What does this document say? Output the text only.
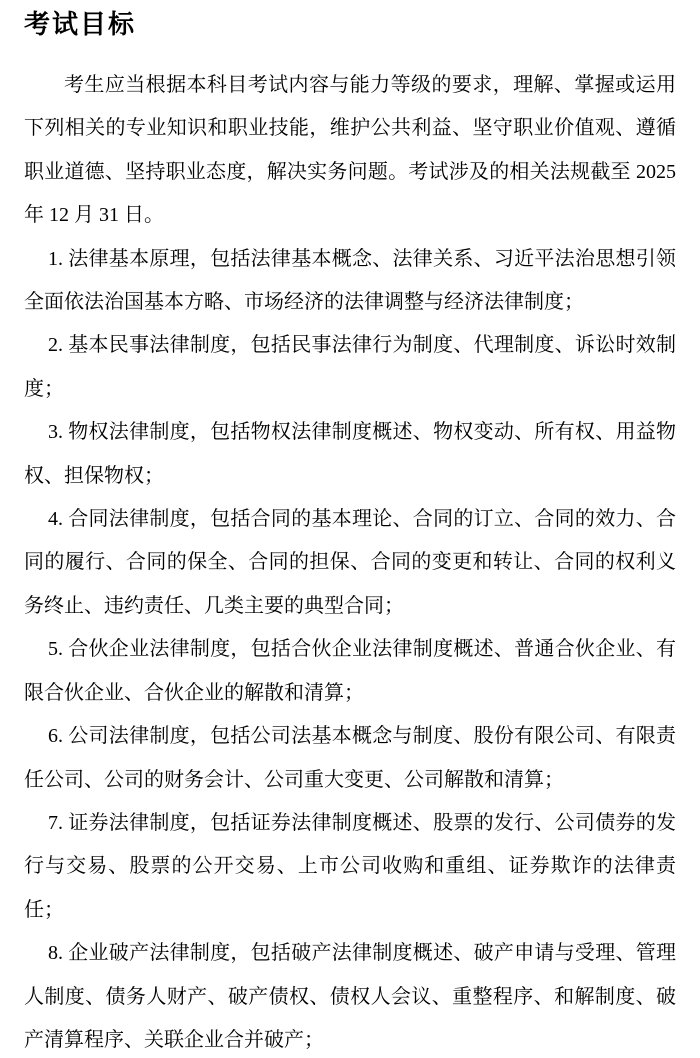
考试目标

考生应当根据本科目考试内容与能力等级的要求，理解、掌握或运用下列相关的专业知识和职业技能，维护公共利益、坚守职业价值观、遵循职业道德、坚持职业态度，解决实务问题。考试涉及的相关法规截至 2025 年 12 月 31 日。

1. 法律基本原理，包括法律基本概念、法律关系、习近平法治思想引领全面依法治国基本方略、市场经济的法律调整与经济法律制度；

2. 基本民事法律制度，包括民事法律行为制度、代理制度、诉讼时效制度；

3. 物权法律制度，包括物权法律制度概述、物权变动、所有权、用益物权、担保物权；

4. 合同法律制度，包括合同的基本理论、合同的订立、合同的效力、合同的履行、合同的保全、合同的担保、合同的变更和转让、合同的权利义务终止、违约责任、几类主要的典型合同；

5. 合伙企业法律制度，包括合伙企业法律制度概述、普通合伙企业、有限合伙企业、合伙企业的解散和清算；

6. 公司法律制度，包括公司法基本概念与制度、股份有限公司、有限责任公司、公司的财务会计、公司重大变更、公司解散和清算；

7. 证券法律制度，包括证券法律制度概述、股票的发行、公司债券的发行与交易、股票的公开交易、上市公司收购和重组、证券欺诈的法律责任；

8. 企业破产法律制度，包括破产法律制度概述、破产申请与受理、管理人制度、债务人财产、破产债权、债权人会议、重整程序、和解制度、破产清算程序、关联企业合并破产；
